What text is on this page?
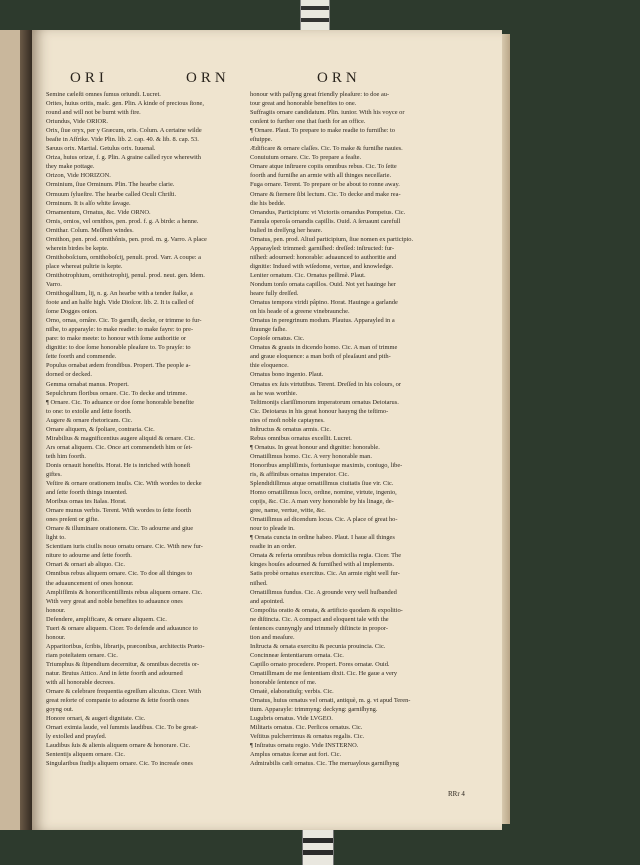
ORI	ORN	ORN
Semine cæleſti omnes ſumus oriundi. Lucret.
Orites, huius oritis, maſc. gen. Plin. A kinde of precious ſtone,
round and will not be burnt with fire.
Oriundus, Vide ORIOR.
Orix, ſiue oryx, per y Græcum, oris. Colum. A certaine wilde
beaſte in Affrike. Vide Plin. lib. 2. cap. 40. & lib. 8. cap. 53.
Sæuus orix. Martial. Getulus orix. Iuuenal.
Oriza, huius orizæ, f. g. Plin. A graine called ryce wherewith
they make pottage.
Orizon, Vide HORIZON.
Orminium, ſiue Orminum. Plin. The hearbe clarie.
Ormuum ſylueſtre. The hearbe called Oculi Chriſti.
Orminum. It is alſo white ſavage.
Ornamentum, Ornatus, &c. Vide ORNO.
Ornis, ornios, vel ornithos, pen. prod. f. g. A birde: a henne.
Ornithar. Colum. Meſſhen windes.
Ornithon, pen. prod. ornithônis, pen. prod. m. g. Varro. A place
wherein birdes be kepte.
Ornithoboſcium, ornithoboſcij, penult. prod. Varr. A coupe: a
place whereat pultrie is kepte.
Ornithotrophium, ornithotrophij, penul. prod. neut. gen. Idem.
Varro.
Ornithogallium, lij, n. g. An hearbe with a tender ſtalke, a
foote and an halfe high. Vide Dioſcor. lib. 2. It is called of
ſome Dogges onion.
Orno, ornas, ornâre. Cic. To garniſh, decke, or trimme to fur-
niſhe, to apparayle: to make readie: to make fayre: to pre-
pare: to make meete: to honour with ſome authoritie or
dignitie: to doe ſome honorable pleaſure to. To prayſe: to
ſette foorth and commende.
Populus ornabat ædem frondibus. Propert. The people a-
dorned or decked.
Gemma ornabat manus. Propert.
Sepulchrum floribus ornare. Cic. To decke and trimme.
¶ Ornare. Cic. To aduance or doe ſome honorable benefite
to one: to extolle and ſette foorth.
Augere & ornare rhetoricam. Cic.
Ornare aliquem, & ſpoliare, contraria. Cic.
Mirabilius & magnificentius augere aliquid & ornare. Cic.
Ars ornat aliquem. Cic. Once art commendeth him or ſet-
teth him foorth.
Donis ornauit honeſtis. Horat. He is inriched with honeſt
giftes.
Veſtire & ornare orationem inuſis. Cic. With wordes to decke
and ſette foorth things inuented.
Moribus ornas tes Italas. Horat.
Ornare munus verbis. Terent. With wordes to ſette foorth
ones preſent or gifte.
Ornare & illuminare orationem. Cic. To adourne and giue
light to.
Scientiam iuris ciuilis nouo ornatu ornare. Cic. With new fur-
niture to adourne and ſette foorth.
Ornari & ornari ab aliquo. Cic.
Omnibus rebus aliquem ornare. Cic. To doe all thinges to
the aduauncement of ones honour.
Amplifſimis & honorificentiſſimis rebus aliquem ornare. Cic.
With very great and noble benefites to aduaunce ones
honour.
Defendere, amplificare, & ornare aliquem. Cic.
Tueri & ornare aliquem. Cicer. To defende and aduaunce to
honour.
Apparitoribus, ſcribis, librarijs, præconibus, architectis Præto-
riam poteſtatem ornare. Cic.
Triumphus & ſtipendium decernitur, & omnibus decretis or-
natur. Brutus Attico. And in ſette foorth and adourned
with all honorable decrees.
Ornare & celebrare frequentia egreſſum alicuius. Cicer. With
great reſorte of companie to adourne & ſette foorth ones
goyng out.
Honore ornari, & augeri dignitate. Cic.
Ornari eximia laude, vel ſummis laudibus. Cic. To be great-
ly extolled and prayſed.
Laudibus ſuis & alienis aliquem ornare & honorare. Cic.
Sententijs aliquem ornare. Cic.
Singularibus ſtudijs aliquem ornare. Cic. To increaſe ones
honour with paſſyng great friendly pleaſure: to doe au-
tour great and honorable benefites to one.
Suffragiis ornare candidatum. Plin. iunior. With his voyce or
conſent to further one that ſueth for an office.
¶ Ornare. Plaut. To prepare to make readie to furniſhe: to
eſtuippe.
Ædificare & ornare claſſes. Cic. To make & furniſhe nauies.
Conuiuium ornare. Cic. To prepare a feaſte.
Ornare atque inſtruere copiis omnibus rebus. Cic. To ſette
foorth and furniſhe an armie with all thinges neceſſarie.
Fuga ornare. Terent. To prepare or be about to ronne away.
Ornare & ſternere ſibi lectum. Cic. To decke and make rea-
die his bedde.
Ornandus, Participium: vt Victoriis ornandus Pompeius. Cic.
Famula operoſa ornandis capillis. Ouid. A ſeruaunt carefull
buſied in dreſſyng her heare.
Ornatus, pen. prod. Aliud participium, ſiue nomen ex participio.
Apparayled: trimmed: garniſhed: dreſſed: inſtructed: fur-
niſhed: adourned: honorable: aduaunced to authoritie and
dignitie: Indued with wiſedome, vertue, and knowledge.
Leniter ornatum. Cic. Ornatus peſſimè. Plaut.
Nondum tonſo ornata capillos. Ouid. Not yet hauinge her
heare fully dreſſed.
Ornatus tempora viridi pâpino. Horat. Hauinge a garlande
on his heade of a greene vinebraunche.
Ornatus in peregrinum modum. Plautus. Apparayled in a
ſtraunge faſhe.
Copioſe ornatus. Cic.
Ornatus & grauis in dicendo homo. Cic. A man of trimme
and graue eloquence: a man both of pleaſaunt and pith-
thie eloquence.
Ornatus bono ingenio. Plaut.
Ornatus ex ſuis virtutibus. Terent. Dreſſed in his colours, or
as he was worthie.
Teſtimonijs clariſſimorum imperatorum ornatus Deiotarus.
Cic. Deiotarus in his great honour hauyng the teſtimo-
nies of moſt noble captaynes.
Inſtructus & ornatus armis. Cic.
Rebus omnibus ornatus excellit. Lucret.
¶ Ornatus. In great honour and dignitie: honorable.
Ornatiſſimus homo. Cic. A very honorable man.
Honoribus ampliſſimis, fortunisque maximis, coniugo, libe-
ris, & affinibus ornatus imperator. Cic.
Splendidiſſimus atque ornatiſſimus ciuitatis ſiue vir. Cic.
Homo ornatiſſimus loco, ordine, nomine, virtute, ingenio,
copijs, &c. Cic. A man very honorable by his linage, de-
gree, name, vertue, witte, &c.
Ornatiſſimus ad dicendum locus. Cic. A place of great ho-
nour to pleade in.
¶ Ornata cuncta in ordine habeo. Plaut. I haue all thinges
readie in an order.
Ornata & referta omnibus rebus domicilia regia. Cicer. The
kinges houſes adourned & furniſhed with al implements.
Satis probè ornatus exercitus. Cic. An armie right well fur-
niſhed.
Ornatiſſimus fundus. Cic. A grounde very well huſbanded
and apointed.
Compoſita oratio & ornata, & artificio quodam & expolitio-
ne diſtincta. Cic. A compact and eloquent tale with the
ſentences cunnyngly and trimmely diſtincte in propor-
tion and meaſure.
Inſtructa & ornata exercitu & pecunia prouincia. Cic.
Concinneæ ſententiarum ornata. Cic.
Capillo ornato procedere. Propert. Fores ornatæ. Ouid.
Ornatiſſimam de me ſententiam dixit. Cic. He gaue a very
honorable ſentence of me.
Ornatè, elaboratiuſq; verbis. Cic.
Ornatus, huius ornatus vel ornati, antiquè, m. g. vt apud Teren-
tium. Apparayle: trimmyng: deckyng: garniſhyng.
Lugubris ornatus. Vide LVGEO.
Militaris ornatus. Cic. Perſicos ornatus. Cic.
Veſtitus pulcherrimus & ornatus regalis. Cic.
¶ Inſtratus ornatu regio. Vide INSTERNO.
Amplus ornatus ſcenæ aut fori. Cic.
Admirabilis cæli ornatus. Cic. The meruaylous garniſhyng
RRr 4
